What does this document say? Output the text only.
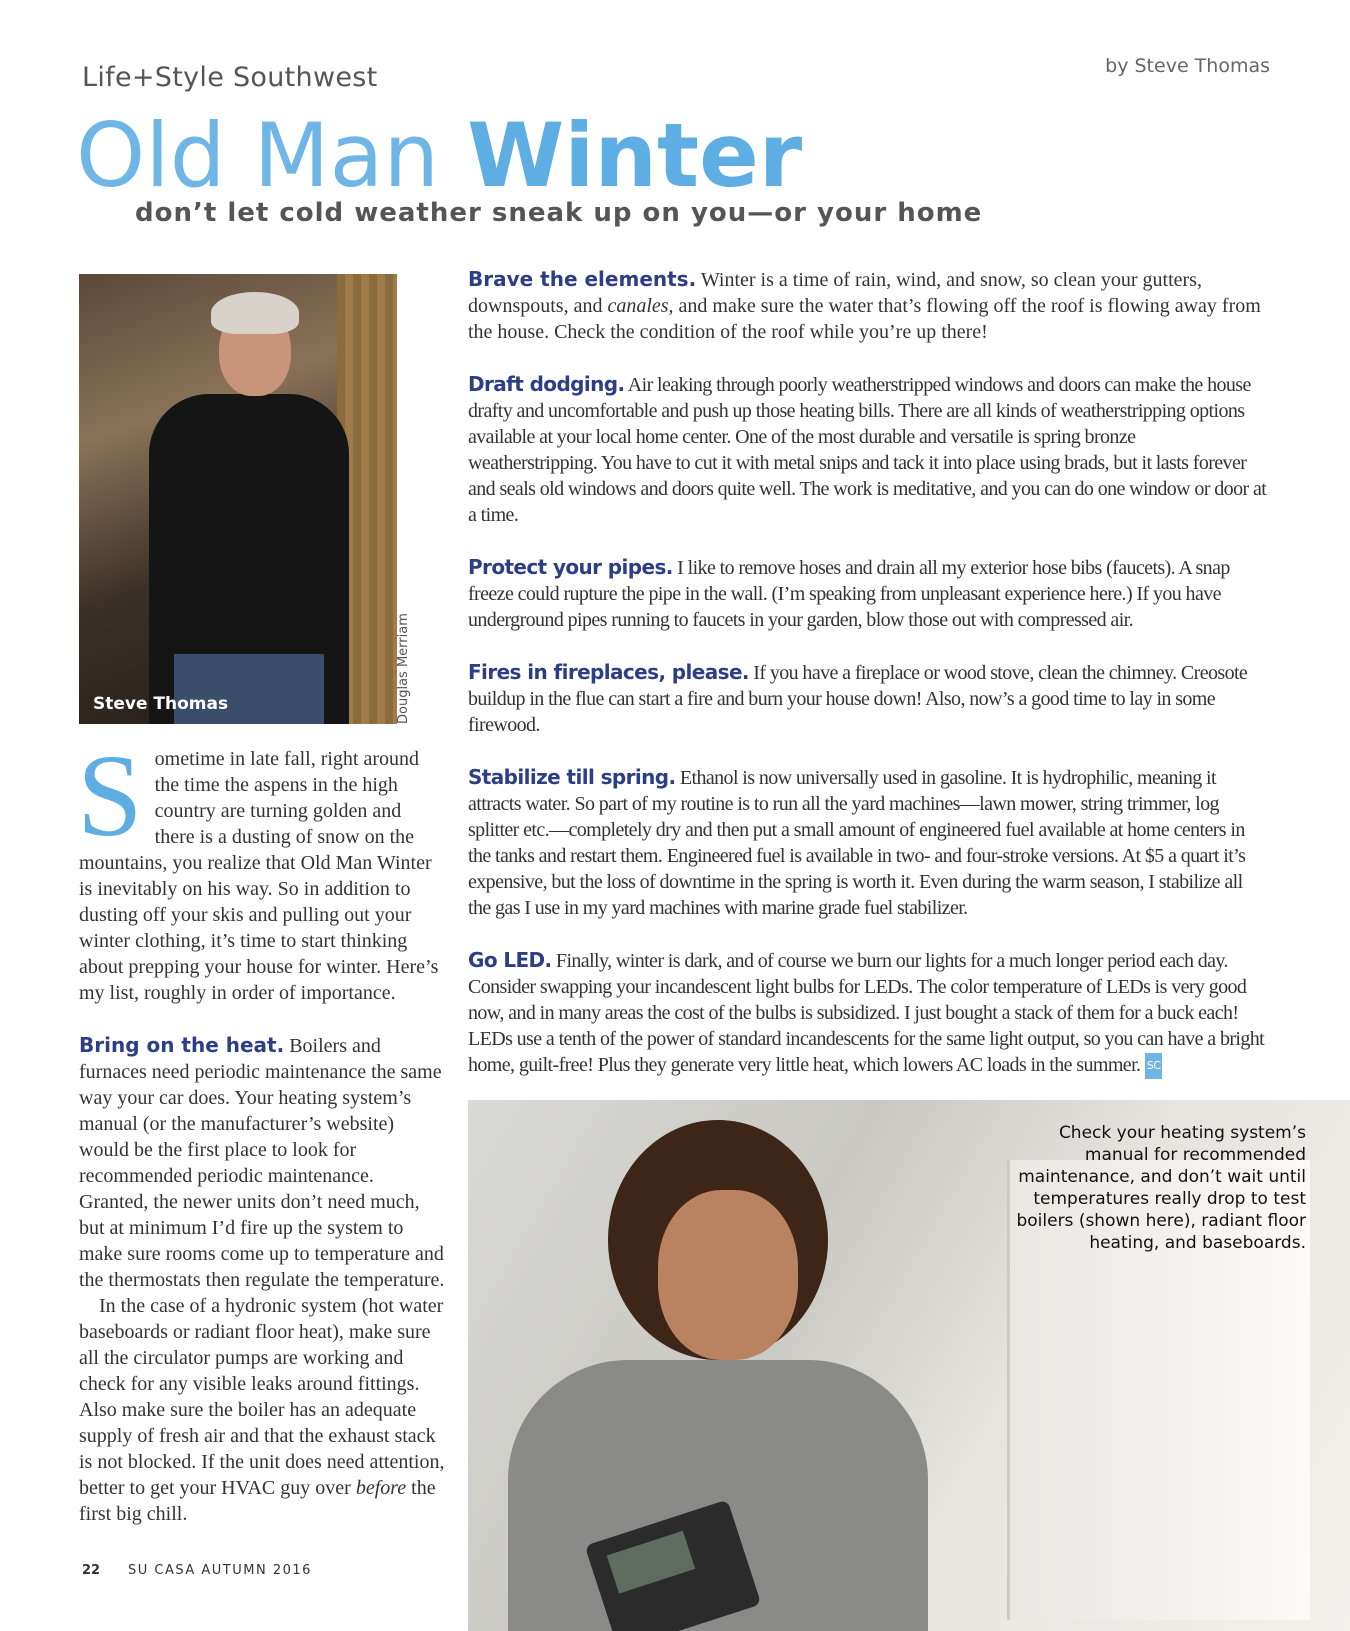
Life+Style Southwest	by Steve Thomas
Old Man Winter
don’t let cold weather sneak up on you—or your home
Steve Thomas	Douglas Merriam

Sometime in late fall, right around the time the aspens in the high country are turning golden and there is a dusting of snow on the mountains, you realize that Old Man Winter is inevitably on his way. So in addition to dusting off your skis and pulling out your winter clothing, it’s time to start thinking about prepping your house for winter. Here’s my list, roughly in order of importance.

Bring on the heat. Boilers and furnaces need periodic maintenance the same way your car does. Your heating system’s manual (or the manufacturer’s website) would be the first place to look for recommended periodic maintenance. Granted, the newer units don’t need much, but at minimum I’d fire up the system to make sure rooms come up to temperature and the thermostats then regulate the temperature.

In the case of a hydronic system (hot water baseboards or radiant floor heat), make sure all the circulator pumps are working and check for any visible leaks around fittings. Also make sure the boiler has an adequate supply of fresh air and that the exhaust stack is not blocked. If the unit does need attention, better to get your HVAC guy over before the first big chill.

Brave the elements. Winter is a time of rain, wind, and snow, so clean your gutters, downspouts, and canales, and make sure the water that’s flowing off the roof is flowing away from the house. Check the condition of the roof while you’re up there!

Draft dodging. Air leaking through poorly weatherstripped windows and doors can make the house drafty and uncomfortable and push up those heating bills. There are all kinds of weatherstripping options available at your local home center. One of the most durable and versatile is spring bronze weatherstripping. You have to cut it with metal snips and tack it into place using brads, but it lasts forever and seals old windows and doors quite well. The work is meditative, and you can do one window or door at a time.

Protect your pipes. I like to remove hoses and drain all my exterior hose bibs (faucets). A snap freeze could rupture the pipe in the wall. (I’m speaking from unpleasant experience here.) If you have underground pipes running to faucets in your garden, blow those out with compressed air.

Fires in fireplaces, please. If you have a fireplace or wood stove, clean the chimney. Creosote buildup in the flue can start a fire and burn your house down! Also, now’s a good time to lay in some firewood.

Stabilize till spring. Ethanol is now universally used in gasoline. It is hydrophilic, meaning it attracts water. So part of my routine is to run all the yard machines—lawn mower, string trimmer, log splitter etc.—completely dry and then put a small amount of engineered fuel available at home centers in the tanks and restart them. Engineered fuel is available in two- and four-stroke versions. At $5 a quart it’s expensive, but the loss of downtime in the spring is worth it. Even during the warm season, I stabilize all the gas I use in my yard machines with marine grade fuel stabilizer.

Go LED. Finally, winter is dark, and of course we burn our lights for a much longer period each day. Consider swapping your incandescent light bulbs for LEDs. The color temperature of LEDs is very good now, and in many areas the cost of the bulbs is subsidized. I just bought a stack of them for a buck each! LEDs use a tenth of the power of standard incandescents for the same light output, so you can have a bright home, guilt-free! Plus they generate very little heat, which lowers AC loads in the summer. SC

Check your heating system’s manual for recommended maintenance, and don’t wait until temperatures really drop to test boilers (shown here), radiant floor heating, and baseboards.
22 SU CASA AUTUMN 2016
